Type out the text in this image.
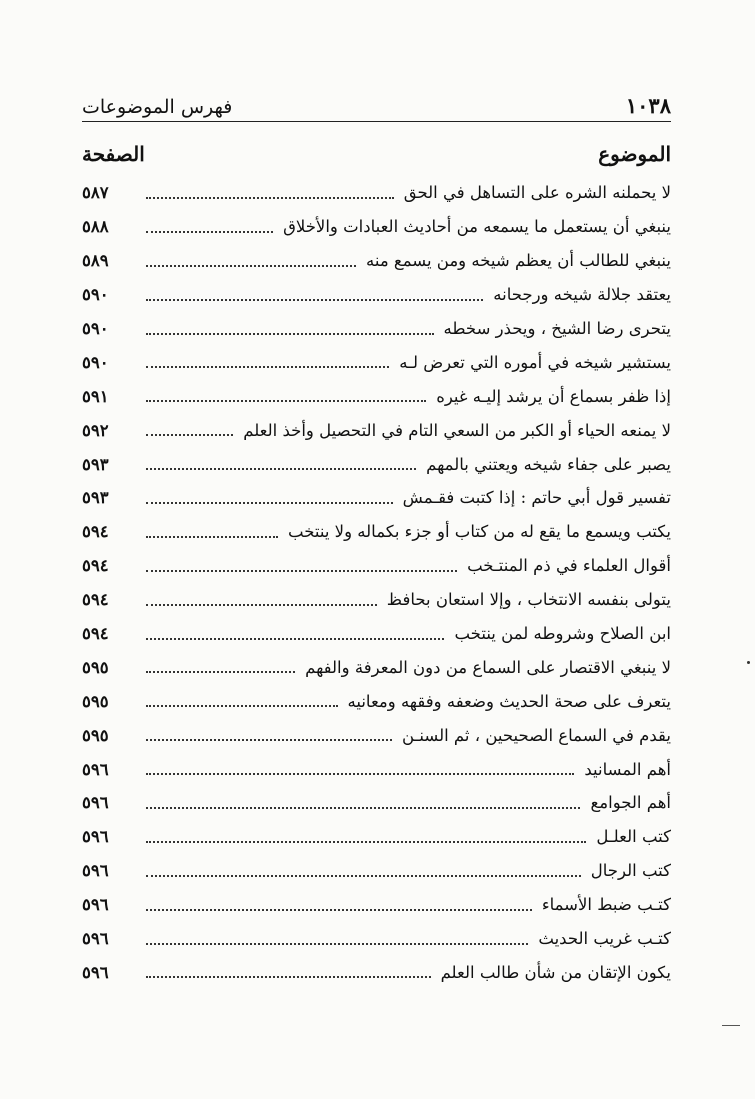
١٠٣٨
فهرس الموضوعات
الموضوع
الصفحة
لا يحملنه الشره على التساهل في الحق
٥٨٧
ينبغي أن يستعمل ما يسمعه من أحاديث العبادات والأخلاق
٥٨٨
ينبغي للطالب أن يعظم شيخه ومن يسمع منه
٥٨٩
يعتقد جلالة شيخه ورجحانه
٥٩٠
يتحرى رضا الشيخ ، ويحذر سخطه
٥٩٠
يستشير شيخه في أموره التي تعرض لـه
٥٩٠
إذا ظفر بسماع أن يرشد إليـه غيره
٥٩١
لا يمنعه الحياء أو الكبر من السعي التام في التحصيل وأخذ العلم
٥٩٢
يصبر على جفاء شيخه ويعتني بالمهم
٥٩٣
تفسير قول أبي حاتم : إذا كتبت فقـمش
٥٩٣
يكتب ويسمع ما يقع له من كتاب أو جزء بكماله ولا ينتخب
٥٩٤
أقوال العلماء في ذم المنتـخب
٥٩٤
يتولى بنفسه الانتخاب ، وإلا استعان بحافظ
٥٩٤
ابن الصلاح وشروطه لمن ينتخب
٥٩٤
لا ينبغي الاقتصار على السماع من دون المعرفة والفهم
٥٩٥
يتعرف على صحة الحديث وضعفه وفقهه ومعانيه
٥٩٥
يقدم في السماع الصحيحين ، ثم السنـن
٥٩٥
أهم المسانيد
٥٩٦
أهم الجوامع
٥٩٦
كتب العلـل
٥٩٦
كتب الرجال
٥٩٦
كتـب ضبط الأسماء
٥٩٦
كتـب غريب الحديث
٥٩٦
يكون الإتقان من شأن طالب العلم
٥٩٦
